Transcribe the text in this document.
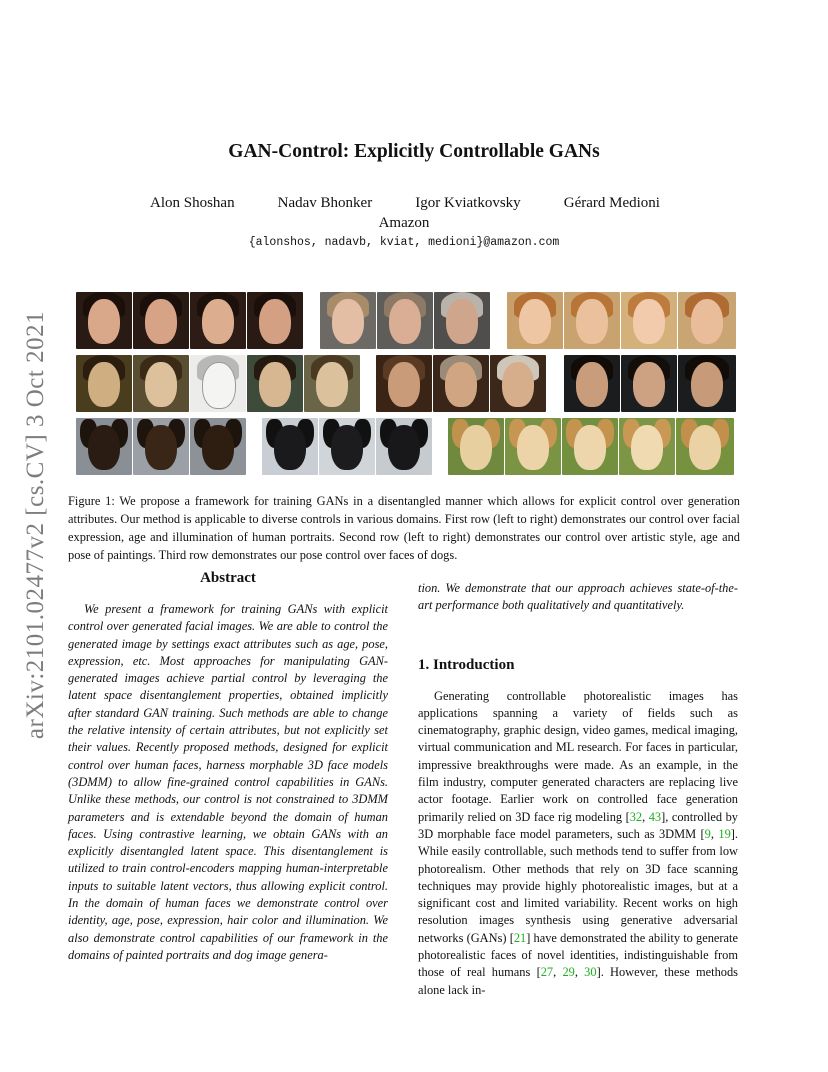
arXiv:2101.02477v2 [cs.CV] 3 Oct 2021
GAN-Control: Explicitly Controllable GANs
Alon Shoshan	Nadav Bhonker	Igor Kviatkovsky	Gérard Medioni
Amazon
{alonshos, nadavb, kviat, medioni}@amazon.com
Figure 1: We propose a framework for training GANs in a disentangled manner which allows for explicit control over generation attributes. Our method is applicable to diverse controls in various domains. First row (left to right) demonstrates our control over facial expression, age and illumination of human portraits. Second row (left to right) demonstrates our control over artistic style, age and pose of paintings. Third row demonstrates our pose control over faces of dogs.
Abstract

We present a framework for training GANs with explicit control over generated facial images. We are able to control the generated image by settings exact attributes such as age, pose, expression, etc. Most approaches for manipulating GAN-generated images achieve partial control by leveraging the latent space disentanglement properties, obtained implicitly after standard GAN training. Such methods are able to change the relative intensity of certain attributes, but not explicitly set their values. Recently proposed methods, designed for explicit control over human faces, harness morphable 3D face models (3DMM) to allow fine-grained control capabilities in GANs. Unlike these methods, our control is not constrained to 3DMM parameters and is extendable beyond the domain of human faces. Using contrastive learning, we obtain GANs with an explicitly disentangled latent space. This disentanglement is utilized to train control-encoders mapping human-interpretable inputs to suitable latent vectors, thus allowing explicit control. In the domain of human faces we demonstrate control over identity, age, pose, expression, hair color and illumination. We also demonstrate control capabilities of our framework in the domains of painted portraits and dog image genera-

tion. We demonstrate that our approach achieves state-of-the-art performance both qualitatively and quantitatively.

1. Introduction

Generating controllable photorealistic images has applications spanning a variety of fields such as cinematography, graphic design, video games, medical imaging, virtual communication and ML research. For faces in particular, impressive breakthroughs were made. As an example, in the film industry, computer generated characters are replacing live actor footage. Earlier work on controlled face generation primarily relied on 3D face rig modeling [32, 43], controlled by 3D morphable face model parameters, such as 3DMM [9, 19]. While easily controllable, such methods tend to suffer from low photorealism. Other methods that rely on 3D face scanning techniques may provide highly photorealistic images, but at a significant cost and limited variability. Recent works on high resolution images synthesis using generative adversarial networks (GANs) [21] have demonstrated the ability to generate photorealistic faces of novel identities, indistinguishable from those of real humans [27, 29, 30]. However, these methods alone lack in-
